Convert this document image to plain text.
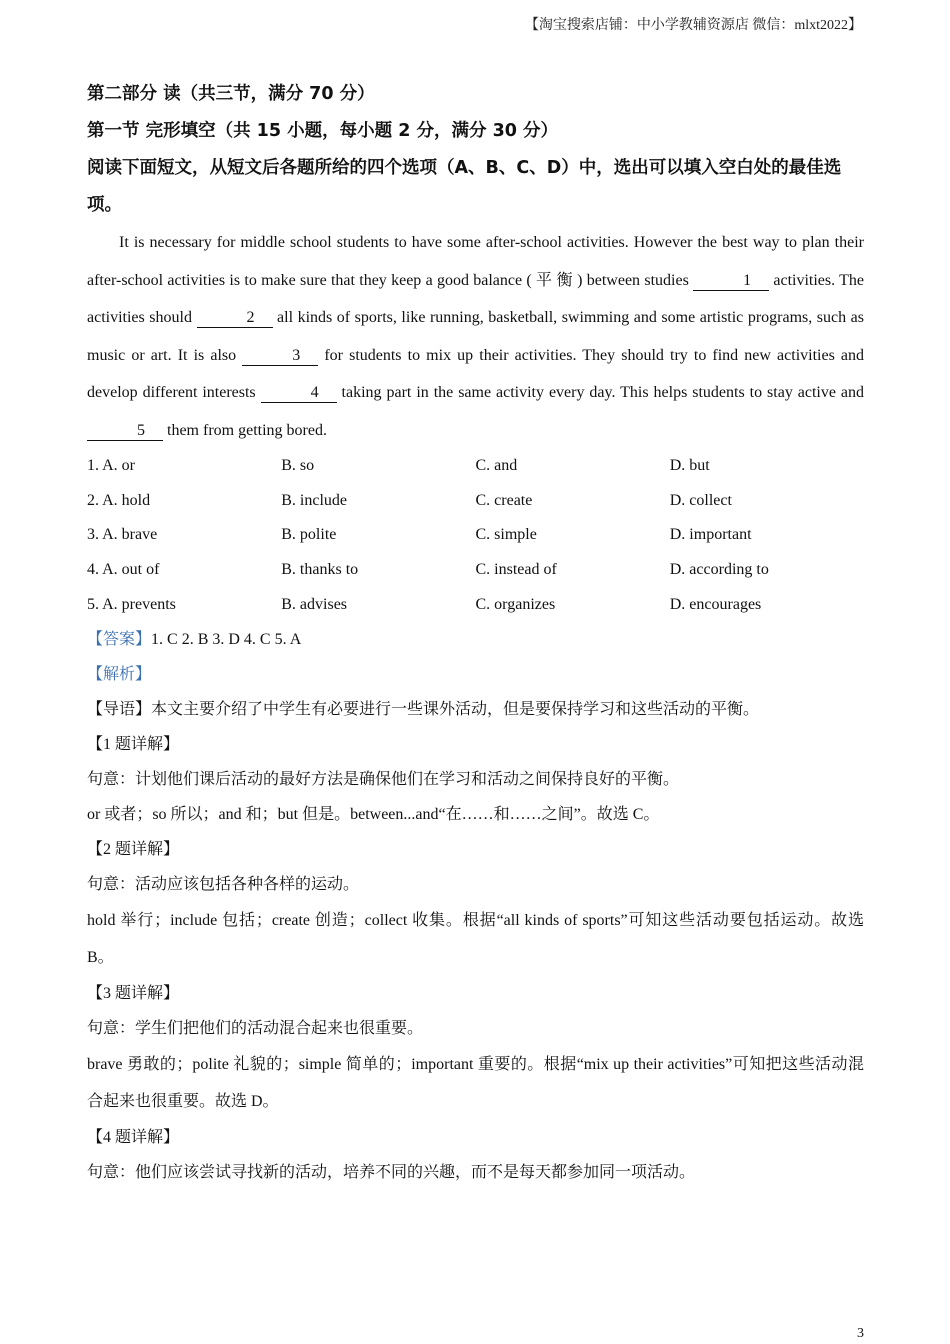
【淘宝搜索店铺：中小学教辅资源店 微信：mlxt2022】

第二部分 读（共三节，满分 70 分）

第一节 完形填空（共 15 小题，每小题 2 分，满分 30 分）

阅读下面短文，从短文后各题所给的四个选项（A、B、C、D）中，选出可以填入空白处的最佳选项。

It is necessary for middle school students to have some after-school activities. However the best way to plan their after-school activities is to make sure that they keep a good balance ( 平 衡 ) between studies	1 activities. The activities should	2 all kinds of sports, like running, basketball, swimming and some artistic programs, such as music or art. It is also	3 for students to mix up their activities. They should try to find new activities and develop different interests	4 taking part in the same activity every day. This helps students to stay active and 5 them from getting bored.

1. A. or	B. so	C. and	D. but
2. A. hold	B. include	C. create	D. collect
3. A. brave	B. polite	C. simple	D. important
4. A. out of	B. thanks to	C. instead of	D. according to
5. A. prevents	B. advises	C. organizes	D. encourages

【答案】1. C 2. B 3. D 4. C 5. A

【解析】

【导语】本文主要介绍了中学生有必要进行一些课外活动，但是要保持学习和这些活动的平衡。

【1 题详解】

句意：计划他们课后活动的最好方法是确保他们在学习和活动之间保持良好的平衡。

or 或者；so 所以；and 和；but 但是。between...and“在……和……之间”。故选 C。

【2 题详解】

句意：活动应该包括各种各样的运动。

hold 举行；include 包括；create 创造；collect 收集。根据“all kinds of sports”可知这些活动要包括运动。故选 B。

【3 题详解】

句意：学生们把他们的活动混合起来也很重要。

brave 勇敢的；polite 礼貌的；simple 简单的；important 重要的。根据“mix up their activities”可知把这些活动混合起来也很重要。故选 D。

【4 题详解】

句意：他们应该尝试寻找新的活动，培养不同的兴趣，而不是每天都参加同一项活动。

3
